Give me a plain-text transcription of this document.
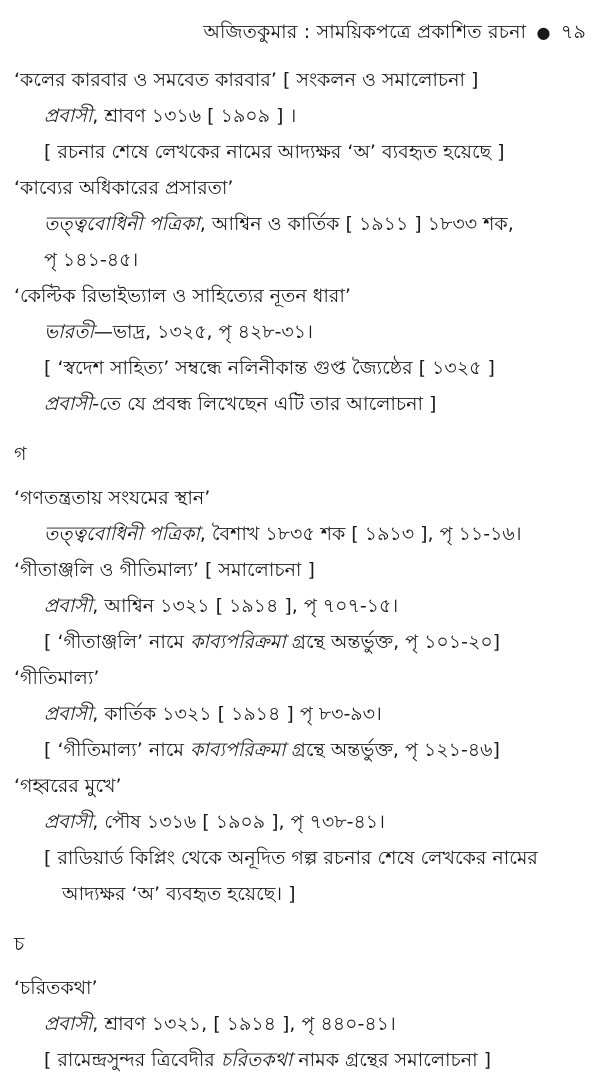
অজিতকুমার : সাময়িকপত্রে প্রকাশিত রচনা ● ৭৯
‘কলের কারবার ও সমবেত কারবার’ [ সংকলন ও সমালোচনা ]
প্রবাসী, শ্রাবণ ১৩১৬ [ ১৯০৯ ] ।
[ রচনার শেষে লেখকের নামের আদ্যক্ষর ‘অ’ ব্যবহৃত হয়েছে ]
‘কাব্যের অধিকারের প্রসারতা’
তত্ত্ববোধিনী পত্রিকা, আশ্বিন ও কার্তিক [ ১৯১১ ] ১৮৩৩ শক,
পৃ ১৪১-৪৫।
‘কেল্টিক রিভাইভ্যাল ও সাহিত্যের নূতন ধারা’
ভারতী—ভাদ্র, ১৩২৫, পৃ ৪২৮-৩১।
[ ‘স্বদেশ সাহিত্য’ সম্বন্ধে নলিনীকান্ত গুপ্ত জ্যৈষ্ঠের [ ১৩২৫ ]
প্রবাসী-তে যে প্রবন্ধ লিখেছেন এটি তার আলোচনা ]
গ
‘গণতন্ত্রতায় সংযমের স্থান’
তত্ত্ববোধিনী পত্রিকা, বৈশাখ ১৮৩৫ শক [ ১৯১৩ ], পৃ ১১-১৬।
‘গীতাঞ্জলি ও গীতিমাল্য’ [ সমালোচনা ]
প্রবাসী, আশ্বিন ১৩২১ [ ১৯১৪ ], পৃ ৭০৭-১৫।
[ ‘গীতাঞ্জলি’ নামে কাব্যপরিক্রমা গ্রন্থে অন্তর্ভুক্ত, পৃ ১০১-২০]
‘গীতিমাল্য’
প্রবাসী, কার্তিক ১৩২১ [ ১৯১৪ ] পৃ ৮৩-৯৩।
[ ‘গীতিমাল্য’ নামে কাব্যপরিক্রমা গ্রন্থে অন্তর্ভুক্ত, পৃ ১২১-৪৬]
‘গহ্বরের মুখে’
প্রবাসী, পৌষ ১৩১৬ [ ১৯০৯ ], পৃ ৭৩৮-৪১।
[ রাডিয়ার্ড কিপ্লিং থেকে অনূদিত গল্প রচনার শেষে লেখকের নামের
আদ্যক্ষর ‘অ’ ব্যবহৃত হয়েছে। ]
চ
‘চরিতকথা’
প্রবাসী, শ্রাবণ ১৩২১, [ ১৯১৪ ], পৃ ৪৪০-৪১।
[ রামেন্দ্রসুন্দর ত্রিবেদীর চরিতকথা নামক গ্রন্থের সমালোচনা ]
